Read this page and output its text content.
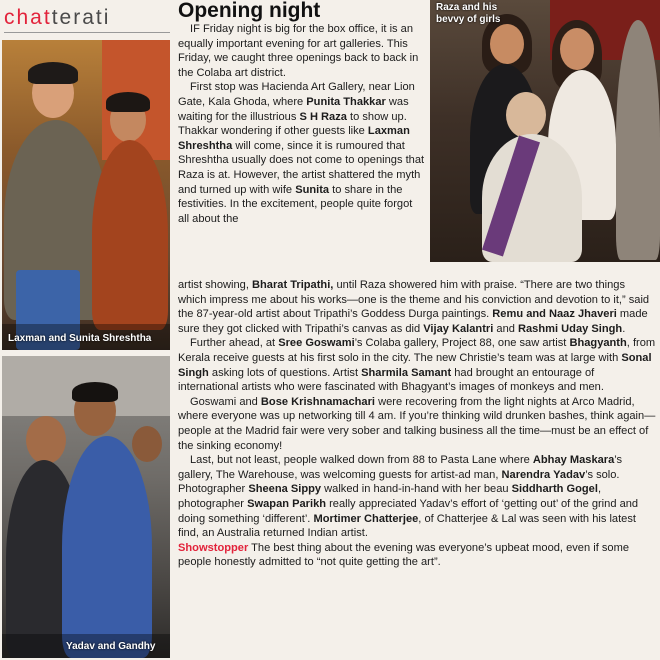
chatterati
Laxman and Sunita Shreshtha
Yadav and Gandhy
Raza and his bevvy of girls
Opening night

IF Friday night is big for the box office, it is an equally important evening for art galleries. This Friday, we caught three openings back to back in the Colaba art district.

First stop was Hacienda Art Gallery, near Lion Gate, Kala Ghoda, where Punita Thakkar was waiting for the illustrious S H Raza to show up. Thakkar wondering if other guests like Laxman Shreshtha will come, since it is rumoured that Shreshtha usually does not come to openings that Raza is at. However, the artist shattered the myth and turned up with wife Sunita to share in the festivities. In the excitement, people quite forgot all about the

artist showing, Bharat Tripathi, until Raza showered him with praise. “There are two things which impress me about his works—one is the theme and his conviction and devotion to it,” said the 87-year-old artist about Tripathi’s Goddess Durga paintings. Remu and Naaz Jhaveri made sure they got clicked with Tripathi’s canvas as did Vijay Kalantri and Rashmi Uday Singh.

Further ahead, at Sree Goswami’s Colaba gallery, Project 88, one saw artist Bhagyanth, from Kerala receive guests at his first solo in the city. The new Christie’s team was at large with Sonal Singh asking lots of questions. Artist Sharmila Samant had brought an entourage of international artists who were fascinated with Bhagyant’s images of monkeys and men.

Goswami and Bose Krishnamachari were recovering from the light nights at Arco Madrid, where everyone was up networking till 4 am. If you’re thinking wild drunken bashes, think again—people at the Madrid fair were very sober and talking business all the time—must be an effect of the sinking economy!

Last, but not least, people walked down from 88 to Pasta Lane where Abhay Maskara’s gallery, The Warehouse, was welcoming guests for artist-ad man, Narendra Yadav’s solo. Photographer Sheena Sippy walked in hand-in-hand with her beau Siddharth Gogel, photographer Swapan Parikh really appreciated Yadav’s effort of ‘getting out’ of the grind and doing something ‘different’. Mortimer Chatterjee, of Chatterjee & Lal was seen with his latest find, an Australia returned Indian artist.

Showstopper The best thing about the evening was everyone’s upbeat mood, even if some people honestly admitted to “not quite getting the art”.
